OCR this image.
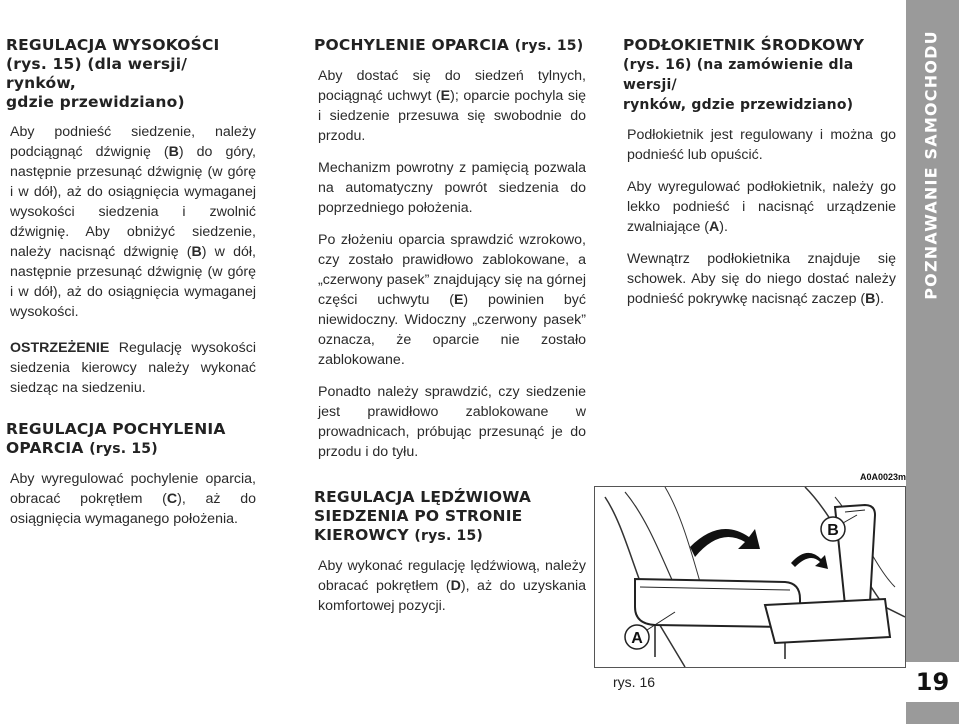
REGULACJA WYSOKOŚCI
(rys. 15) (dla wersji/ rynków,
gdzie przewidziano)

Aby podnieść siedzenie, należy podciągnąć dźwignię (B) do góry, następnie przesunąć dźwignię (w górę i w dół), aż do osiągnięcia wymaganej wysokości siedzenia i zwolnić dźwignię. Aby obniżyć siedzenie, należy nacisnąć dźwignię (B) w dół, następnie przesunąć dźwignię (w górę i w dół), aż do osiągnięcia wymaganej wysokości.

OSTRZEŻENIE Regulację wysokości siedzenia kierowcy należy wykonać siedząc na siedzeniu.

REGULACJA POCHYLENIA
OPARCIA (rys. 15)

Aby wyregulować pochylenie oparcia, obracać pokrętłem (C), aż do osiągnięcia wymaganego położenia.

POCHYLENIE OPARCIA (rys. 15)

Aby dostać się do siedzeń tylnych, pociągnąć uchwyt (E); oparcie pochyla się i siedzenie przesuwa się swobodnie do przodu.

Mechanizm powrotny z pamięcią pozwala na automatyczny powrót siedzenia do poprzedniego położenia.

Po złożeniu oparcia sprawdzić wzrokowo, czy zostało prawidłowo zablokowane, a „czerwony pasek” znajdujący się na górnej części uchwytu (E) powinien być niewidoczny. Widoczny „czerwony pasek” oznacza, że oparcie nie zostało zablokowane.

Ponadto należy sprawdzić, czy siedzenie jest prawidłowo zablokowane w prowadnicach, próbując przesunąć je do przodu i do tyłu.

REGULACJA LĘDŹWIOWA
SIEDZENIA PO STRONIE
KIEROWCY (rys. 15)

Aby wykonać regulację lędźwiową, należy obracać pokrętłem (D), aż do uzyskania komfortowej pozycji.

PODŁOKIETNIK ŚRODKOWY
(rys. 16) (na zamówienie dla wersji/
rynków, gdzie przewidziano)

Podłokietnik jest regulowany i można go podnieść lub opuścić.

Aby wyregulować podłokietnik, należy go lekko podnieść i nacisnąć urządzenie zwalniające (A).

Wewnątrz podłokietnika znajduje się schowek. Aby się do niego dostać należy podnieść pokrywkę nacisnąć zaczep (B).

A0A0023m
A
B
rys. 16
POZNAWANIE SAMOCHODU
19
